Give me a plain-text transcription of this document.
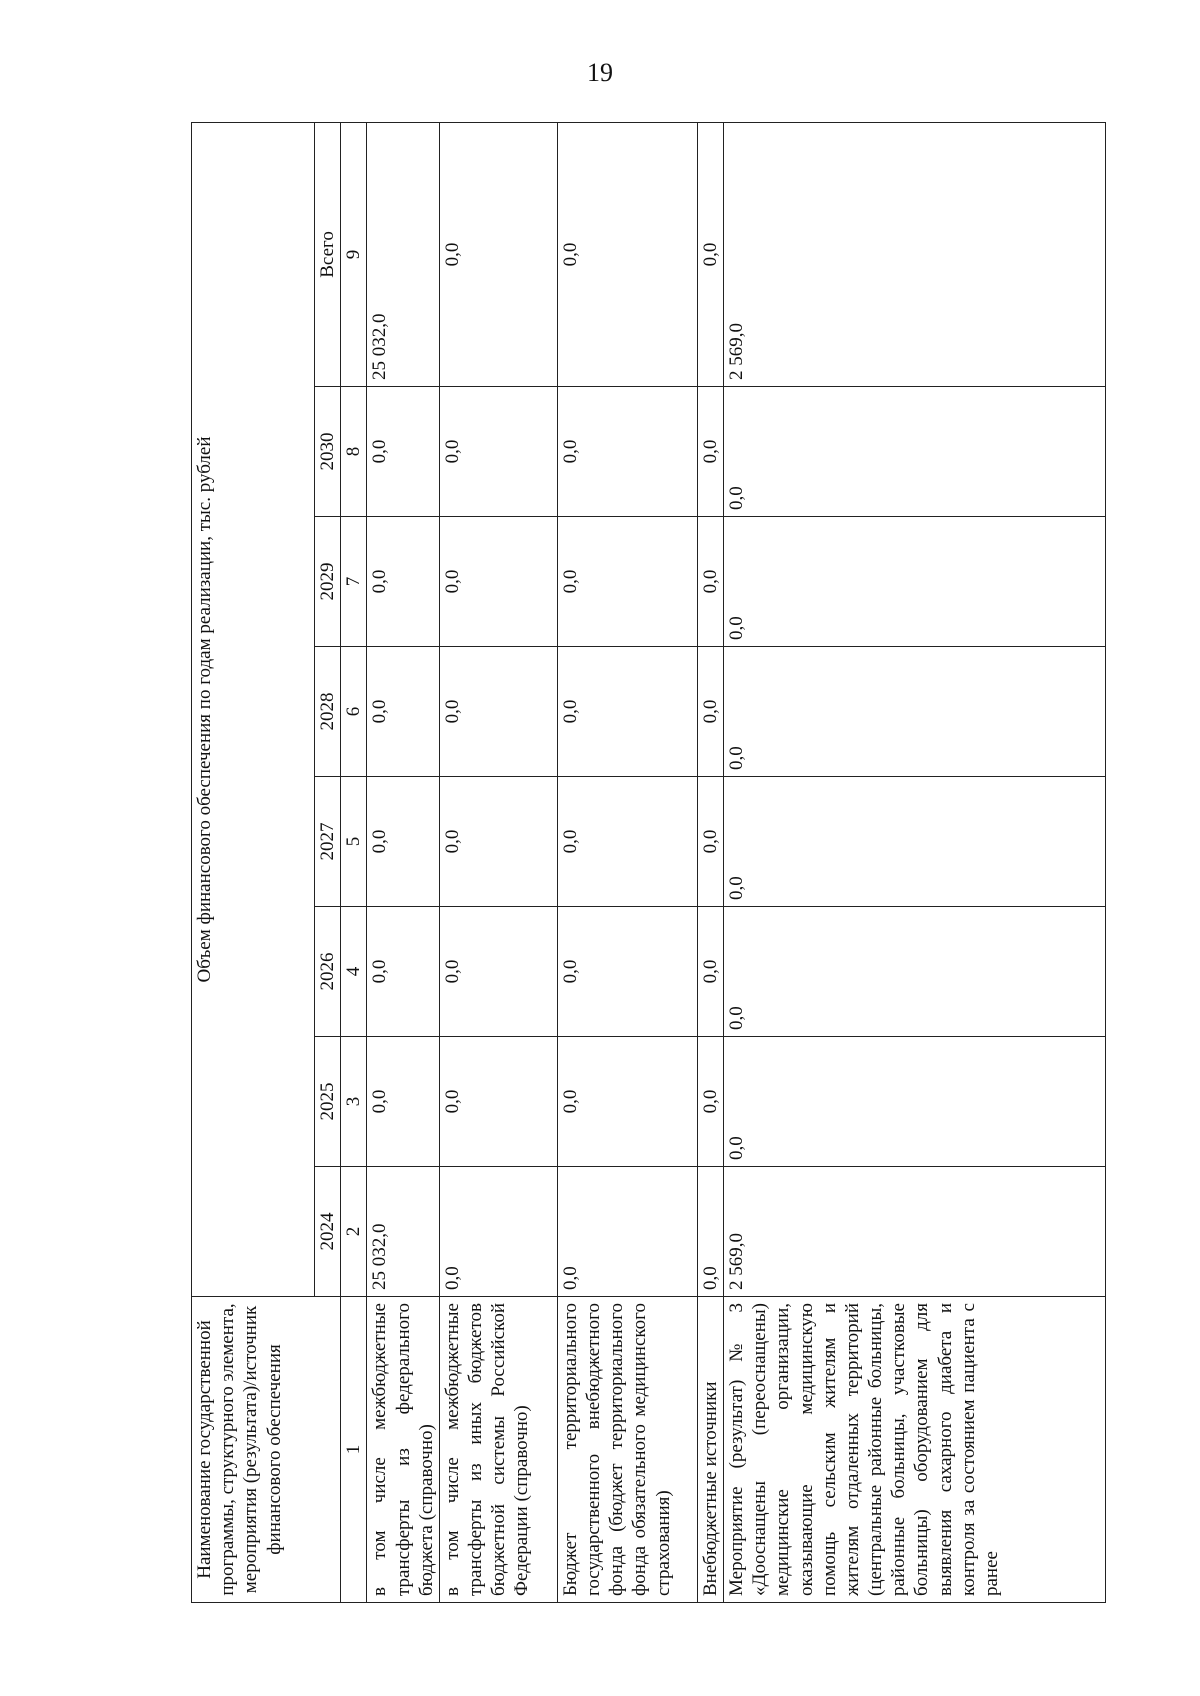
19
Наименование государственной программы, структурного элемента, мероприятия (результата)/источник финансового обеспечения	Объем финансового обеспечения по годам реализации, тыс. рублей							
	2024	2025	2026	2027	2028	2029	2030	Всего
1	2	3	4	5	6	7	8	9
в том числе межбюджетные трансферты из федерального бюджета (справочно)	25 032,0	0,0	0,0	0,0	0,0	0,0	0,0	25 032,0
в том числе межбюджетные трансферты из иных бюджетов бюджетной системы Российской Федерации (справочно)	0,0	0,0	0,0	0,0	0,0	0,0	0,0	0,0
Бюджет территориального государственного внебюджетного фонда (бюджет территориального фонда обязательного медицинского страхования)	0,0	0,0	0,0	0,0	0,0	0,0	0,0	0,0
Внебюджетные источники	0,0	0,0	0,0	0,0	0,0	0,0	0,0	0,0
Мероприятие (результат) № 3 «Дооснащены (переоснащены) медицинские организации, оказывающие медицинскую помощь сельским жителям и жителям отдаленных территорий (центральные районные больницы, районные больницы, участковые больницы) оборудованием для выявления сахарного диабета и контроля за состоянием пациента с ранее	2 569,0	0,0	0,0	0,0	0,0	0,0	0,0	2 569,0
